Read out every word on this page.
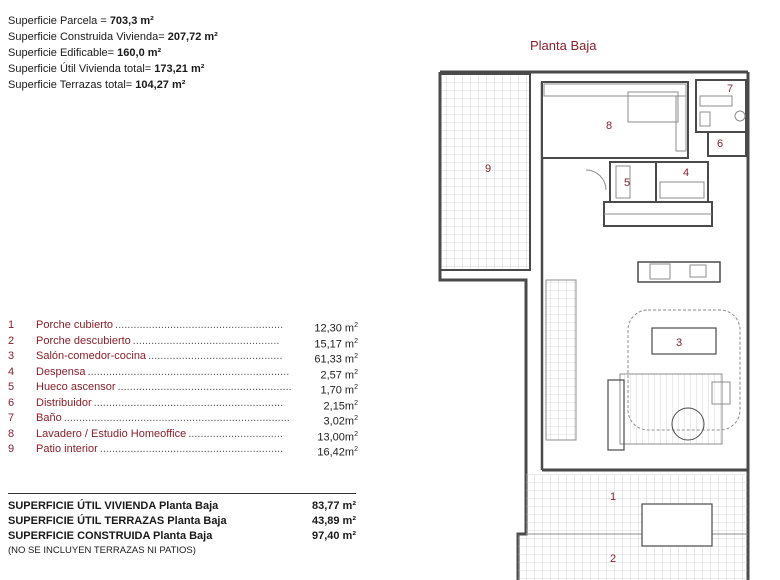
Superficie Parcela = 703,3 m²
Superficie Construida Vivienda= 207,72 m²
Superficie Edificable= 160,0 m²
Superficie Útil Vivienda total= 173,21 m²
Superficie Terrazas total= 104,27 m²
Planta Baja
1	Porche cubierto .......................................................	12,30 $m^2$
2	Porche descubierto ................................................	15,17 $m^2$
3	Salón-comedor-cocina ............................................	61,33 $m^2$
4	Despensa ..................................................................	2,57 $m^2$
5	Hueco ascensor .........................................................	1,70 $m^2$
6	Distribuidor ..............................................................	$2,15m^2$
7	Baño ..........................................................................	$3,02m^2$
8	Lavadero / Estudio Homeoffice ...............................	$13,00m^2$
9	Patio interior ............................................................	$16,42m^2$
SUPERFICIE ÚTIL VIVIENDA Planta Baja	83,77 m²
SUPERFICIE ÚTIL TERRAZAS Planta Baja	43,89 m²
SUPERFICIE CONSTRUIDA Planta Baja	97,40 m²
(NO SE INCLUYEN TERRAZAS NI PATIOS)
8
7
6
9
5
4
3
1
2
